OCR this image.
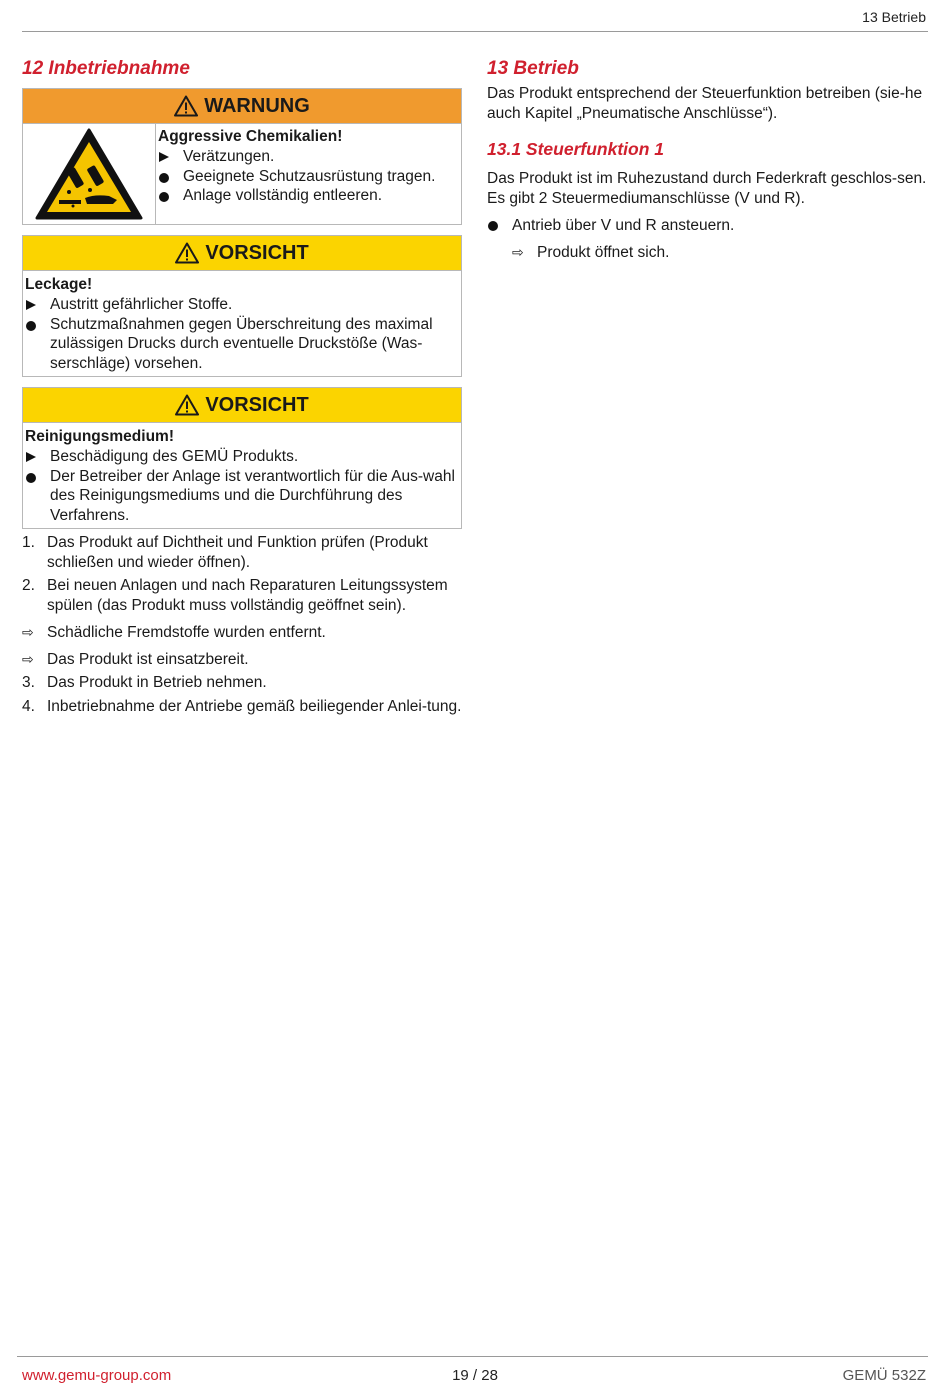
13 Betrieb
12 Inbetriebnahme
WARNUNG
Aggressive Chemikalien!
Verätzungen.
Geeignete Schutzausrüstung tragen.
Anlage vollständig entleeren.
VORSICHT
Leckage!
Austritt gefährlicher Stoffe.
Schutzmaßnahmen gegen Überschreitung des maximal zulässigen Drucks durch eventuelle Druckstöße (Was-serschläge) vorsehen.
VORSICHT
Reinigungsmedium!
Beschädigung des GEMÜ Produkts.
Der Betreiber der Anlage ist verantwortlich für die Aus-wahl des Reinigungsmediums und die Durchführung des Verfahrens.
1. Das Produkt auf Dichtheit und Funktion prüfen (Produkt schließen und wieder öffnen).
2. Bei neuen Anlagen und nach Reparaturen Leitungssystem spülen (das Produkt muss vollständig geöffnet sein).
⇨ Schädliche Fremdstoffe wurden entfernt.
⇨ Das Produkt ist einsatzbereit.
3. Das Produkt in Betrieb nehmen.
4. Inbetriebnahme der Antriebe gemäß beiliegender Anlei-tung.
13 Betrieb

Das Produkt entsprechend der Steuerfunktion betreiben (sie-he auch Kapitel „Pneumatische Anschlüsse“).

13.1 Steuerfunktion 1

Das Produkt ist im Ruhezustand durch Federkraft geschlos-sen. Es gibt 2 Steuermediumanschlüsse (V und R).

Antrieb über V und R ansteuern.
⇨ Produkt öffnet sich.
www.gemu-group.com	19 / 28	GEMÜ 532Z
